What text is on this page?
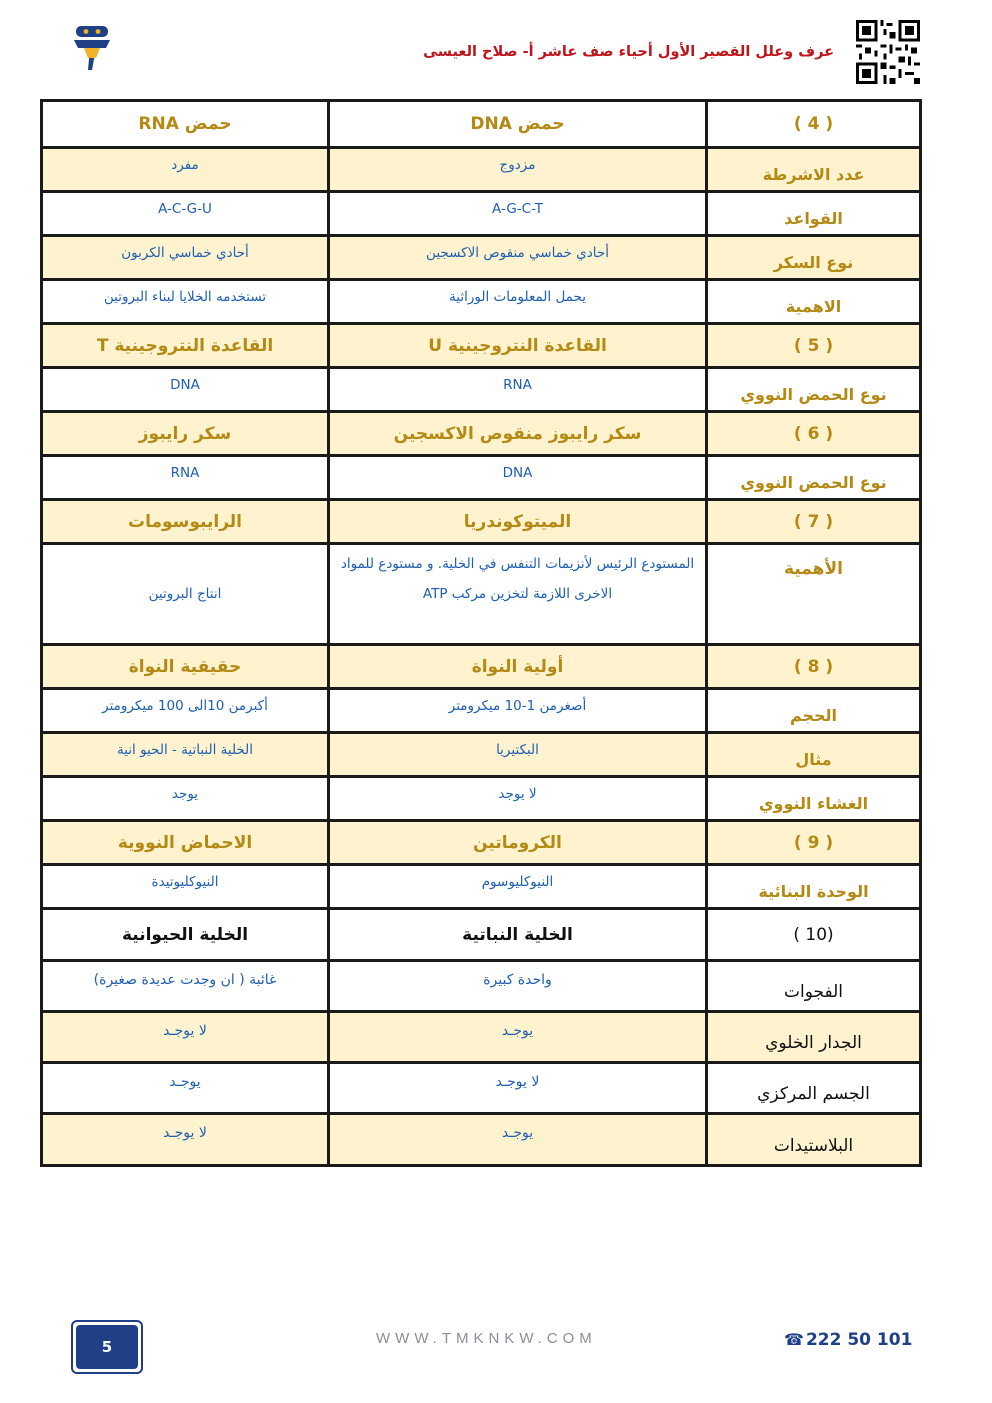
عرف وعلل القصير الأول أحياء صف عاشر أ- صلاح العيسى
( 4 )	حمض DNA	حمض RNA
عدد الاشرطة	مزدوج	مفرد
القواعد	A-G-C-T	A-C-G-U
نوع السكر	أحادي خماسي منقوص الاكسجين	أحادي خماسي الكربون
الاهمية	يحمل المعلومات الوراثية	تستخدمه الخلايا لبناء البروتين
( 5 )	القاعدة النتروجينية U	القاعدة النتروجينية T
نوع الحمض النووي	RNA	DNA
( 6 )	سكر رايبوز منقوص الاكسجين	سكر رايبوز
نوع الحمض النووي	DNA	RNA
( 7 )	الميتوكوندريا	الرايبوسومات
الأهمية	المستودع الرئيس لأنزيمات التنفس في الخلية. و مستودع للمواد الاخرى اللازمة لتخزين مركب ATP	انتاج البروتين
( 8 )	أولية النواة	حقيقية النواة
الحجم	أصغرمن 1-10 ميكرومتر	أكبرمن 10الى 100 ميكرومتر
مثال	البكتيريا	الخلية النباتية - الحيو انية
الغشاء النووي	لا يوجد	يوجد
( 9 )	الكروماتين	الاحماض النووية
الوحدة البنائية	النيوكليوسوم	النيوكليوتيدة
(10 )	الخلية النباتية	الخلية الحيوانية
الفجوات	واحدة كبيرة	غائبة ( ان وجدت عديدة صغيرة)
الجدار الخلوي	يوجـد	لا يوجـد
الجسم المركزي	لا يوجـد	يوجـد
البلاستيدات	يوجـد	لا يوجـد
5	WWW.TMKNKW.COM	☎ 222 50 101
